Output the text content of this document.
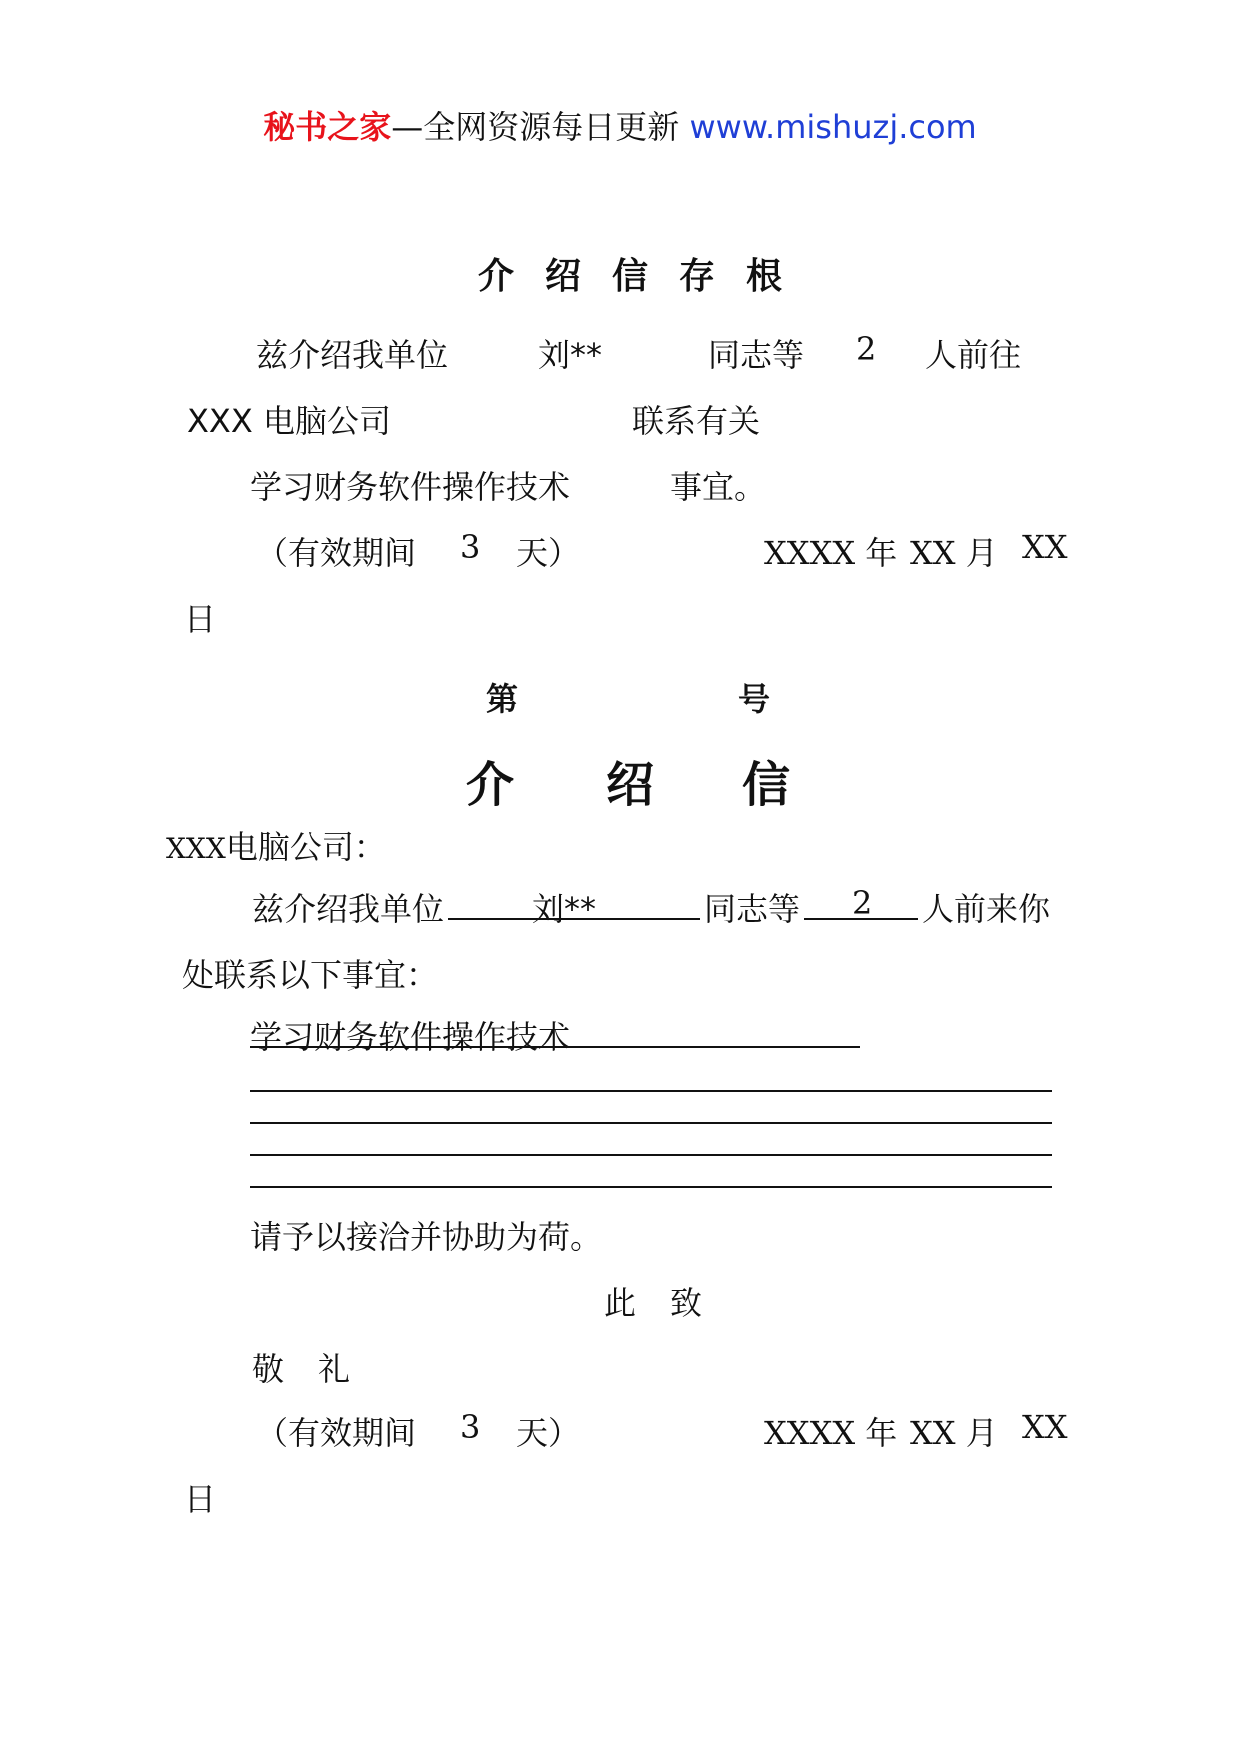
秘书之家—全网资源每日更新 www.mishuzj.com
介 绍 信 存 根
兹介绍我单位	刘**	同志等 2 人前往
XXX 电脑公司	联系有关
学习财务软件操作技术	事宜。
（有效期间 3 天）	XXXX 年 XX 月 XX
日
第	号
介 绍 信
XXX电脑公司：
兹介绍我单位	刘**	同志等 2 人前来你
处联系以下事宜：
学习财务软件操作技术
请予以接洽并协助为荷。
此 致
敬 礼
（有效期间 3 天）	XXXX 年 XX 月 XX
日
